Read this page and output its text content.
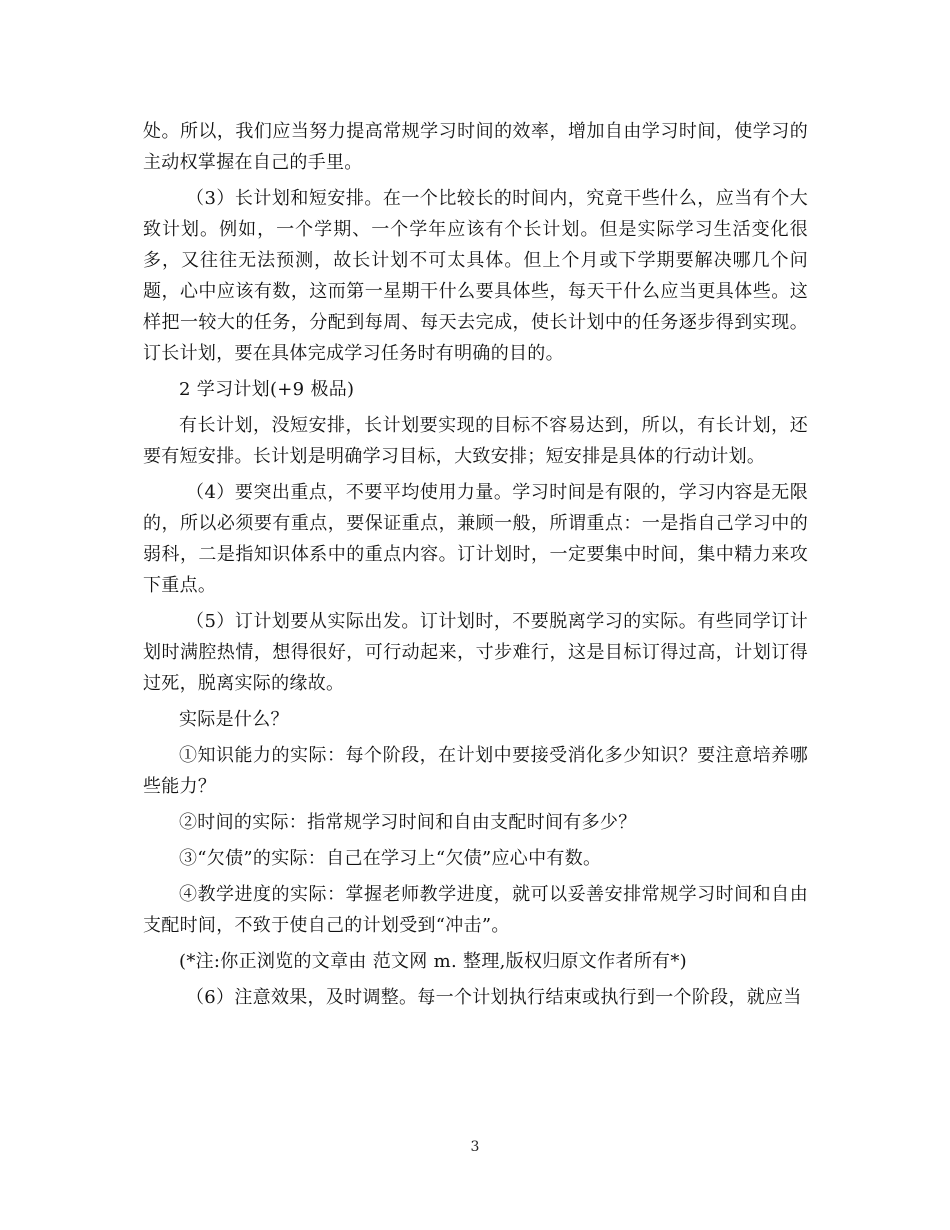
处。所以，我们应当努力提高常规学习时间的效率，增加自由学习时间，使学习的主动权掌握在自己的手里。

（3）长计划和短安排。在一个比较长的时间内，究竟干些什么，应当有个大致计划。例如，一个学期、一个学年应该有个长计划。但是实际学习生活变化很多，又往往无法预测，故长计划不可太具体。但上个月或下学期要解决哪几个问题，心中应该有数，这而第一星期干什么要具体些，每天干什么应当更具体些。这样把一较大的任务，分配到每周、每天去完成，使长计划中的任务逐步得到实现。订长计划，要在具体完成学习任务时有明确的目的。

2 学习计划(+9 极品)

有长计划，没短安排，长计划要实现的目标不容易达到，所以，有长计划，还要有短安排。长计划是明确学习目标，大致安排；短安排是具体的行动计划。

（4）要突出重点，不要平均使用力量。学习时间是有限的，学习内容是无限的，所以必须要有重点，要保证重点，兼顾一般，所谓重点：一是指自己学习中的弱科，二是指知识体系中的重点内容。订计划时，一定要集中时间，集中精力来攻下重点。

（5）订计划要从实际出发。订计划时，不要脱离学习的实际。有些同学订计划时满腔热情，想得很好，可行动起来，寸步难行，这是目标订得过高，计划订得过死，脱离实际的缘故。

实际是什么？

①知识能力的实际：每个阶段，在计划中要接受消化多少知识？要注意培养哪些能力？

②时间的实际：指常规学习时间和自由支配时间有多少？

③“欠债”的实际：自己在学习上“欠债”应心中有数。

④教学进度的实际：掌握老师教学进度，就可以妥善安排常规学习时间和自由支配时间，不致于使自己的计划受到“冲击”。

(*注:你正浏览的文章由 范文网 m. 整理,版权归原文作者所有*)

（6）注意效果，及时调整。每一个计划执行结束或执行到一个阶段，就应当

3
